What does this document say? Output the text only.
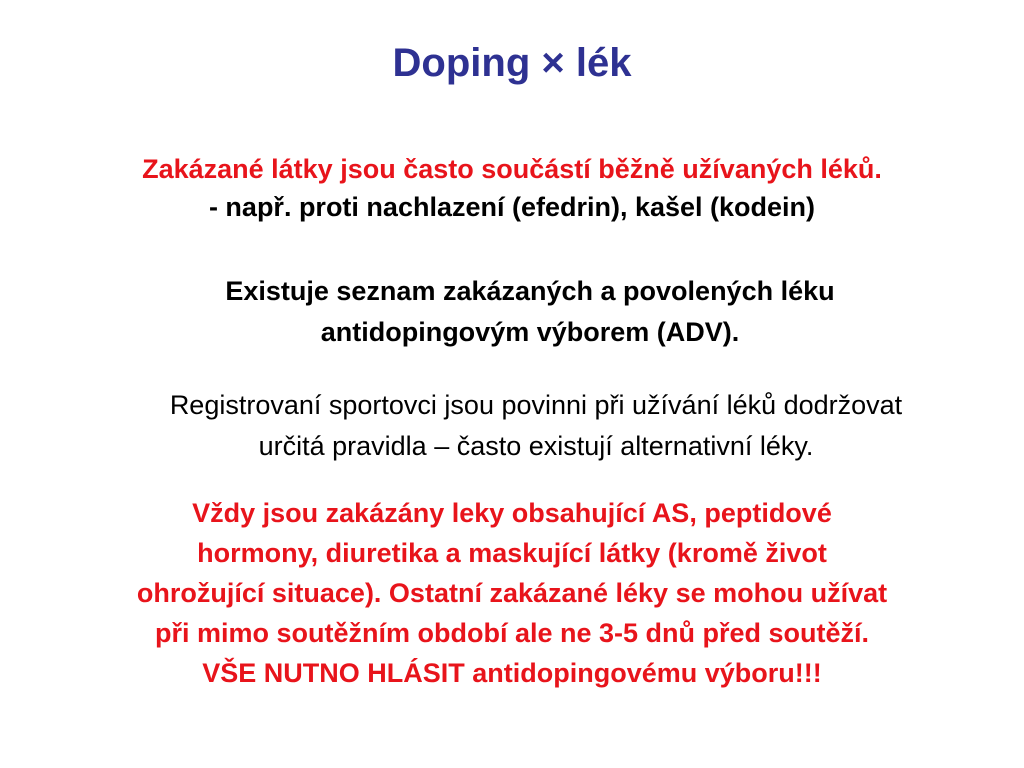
Doping × lék
Zakázané látky jsou často součástí běžně užívaných léků.
- např. proti nachlazení (efedrin), kašel (kodein)
Existuje seznam zakázaných a povolených léku
antidopingovým výborem (ADV).
Registrovaní sportovci jsou povinni při užívání léků dodržovat
určitá pravidla – často existují alternativní léky.
Vždy jsou zakázány leky obsahující AS, peptidové
hormony, diuretika a maskující látky (kromě život
ohrožující situace). Ostatní zakázané léky se mohou užívat
při mimo soutěžním období ale ne 3-5 dnů před soutěží.
VŠE NUTNO HLÁSIT antidopingovému výboru!!!
